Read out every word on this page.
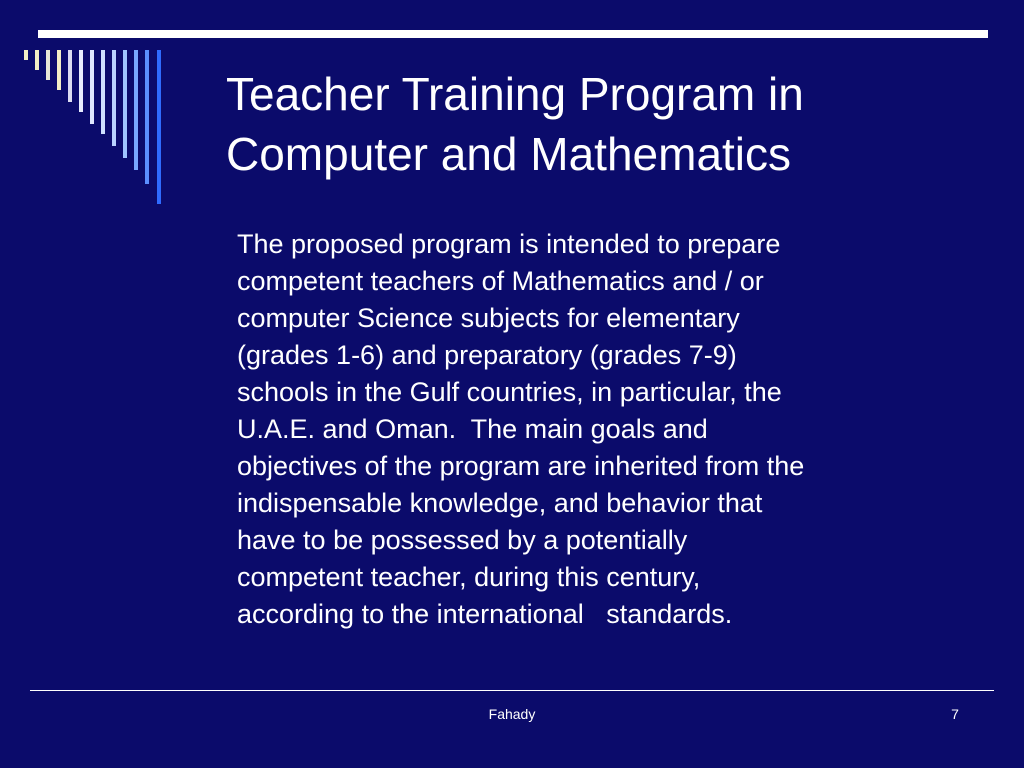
Teacher Training Program in
Computer and Mathematics
The proposed program is intended to prepare
competent teachers of Mathematics and / or
computer Science subjects for elementary
(grades 1-6) and preparatory (grades 7-9)
schools in the Gulf countries, in particular, the
U.A.E. and Oman.  The main goals and
objectives of the program are inherited from the
indispensable knowledge, and behavior that
have to be possessed by a potentially
competent teacher, during this century,
according to the international   standards.
Fahady	7
